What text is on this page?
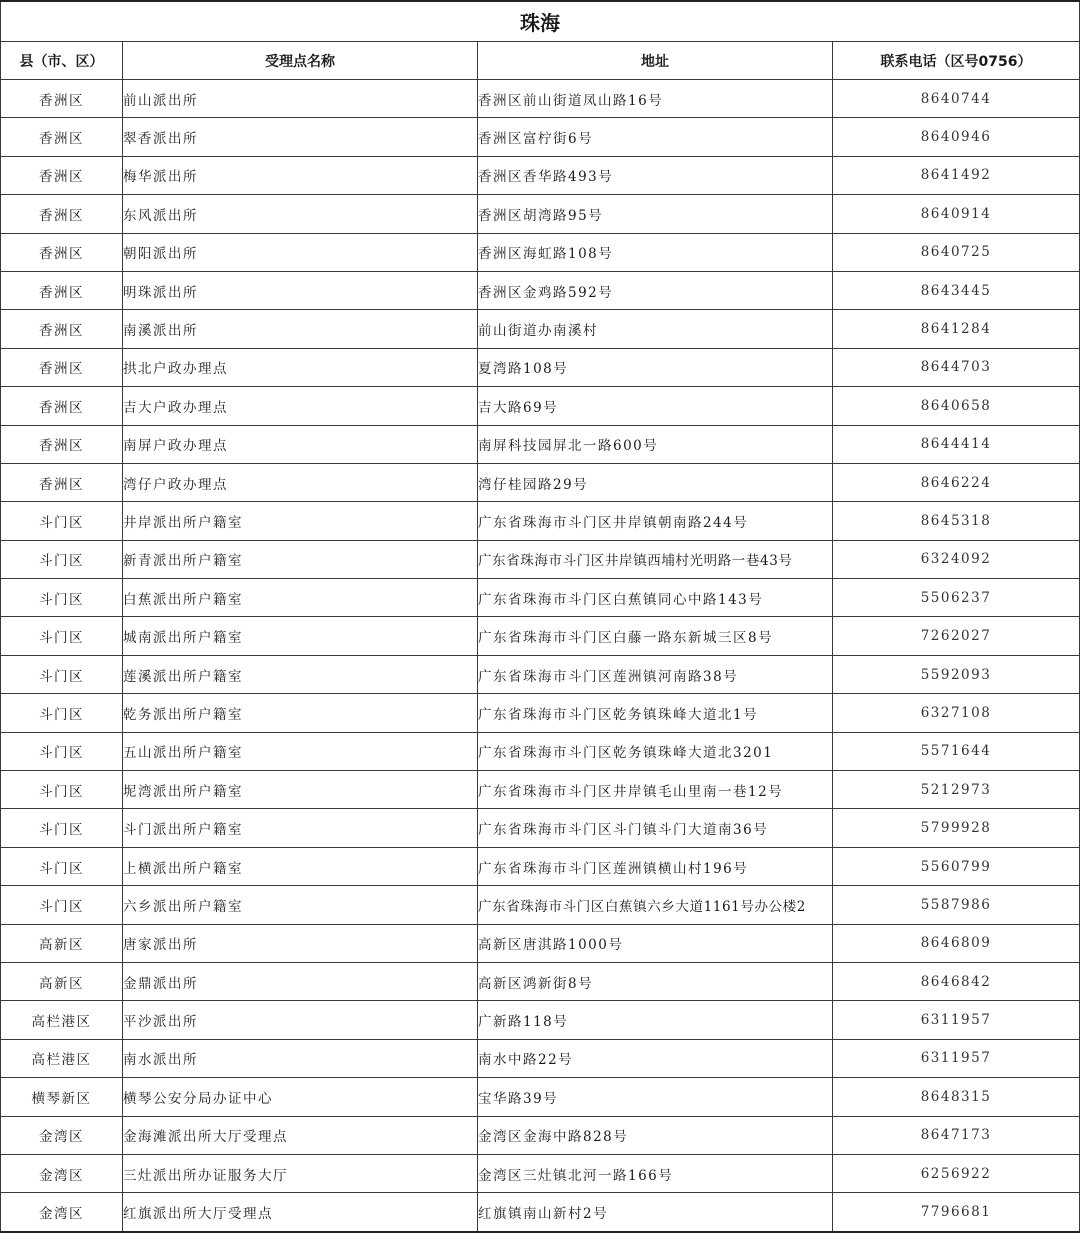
珠海			
县（市、区）	受理点名称	地址	联系电话（区号0756）
香洲区	前山派出所	香洲区前山街道凤山路16号	8640744
香洲区	翠香派出所	香洲区富柠街6号	8640946
香洲区	梅华派出所	香洲区香华路493号	8641492
香洲区	东风派出所	香洲区胡湾路95号	8640914
香洲区	朝阳派出所	香洲区海虹路108号	8640725
香洲区	明珠派出所	香洲区金鸡路592号	8643445
香洲区	南溪派出所	前山街道办南溪村	8641284
香洲区	拱北户政办理点	夏湾路108号	8644703
香洲区	吉大户政办理点	吉大路69号	8640658
香洲区	南屏户政办理点	南屏科技园屏北一路600号	8644414
香洲区	湾仔户政办理点	湾仔桂园路29号	8646224
斗门区	井岸派出所户籍室	广东省珠海市斗门区井岸镇朝南路244号	8645318
斗门区	新青派出所户籍室	广东省珠海市斗门区井岸镇西埔村光明路一巷43号	6324092
斗门区	白蕉派出所户籍室	广东省珠海市斗门区白蕉镇同心中路143号	5506237
斗门区	城南派出所户籍室	广东省珠海市斗门区白藤一路东新城三区8号	7262027
斗门区	莲溪派出所户籍室	广东省珠海市斗门区莲洲镇河南路38号	5592093
斗门区	乾务派出所户籍室	广东省珠海市斗门区乾务镇珠峰大道北1号	6327108
斗门区	五山派出所户籍室	广东省珠海市斗门区乾务镇珠峰大道北3201	5571644
斗门区	坭湾派出所户籍室	广东省珠海市斗门区井岸镇毛山里南一巷12号	5212973
斗门区	斗门派出所户籍室	广东省珠海市斗门区斗门镇斗门大道南36号	5799928
斗门区	上横派出所户籍室	广东省珠海市斗门区莲洲镇横山村196号	5560799
斗门区	六乡派出所户籍室	广东省珠海市斗门区白蕉镇六乡大道1161号办公楼2	5587986
高新区	唐家派出所	高新区唐淇路1000号	8646809
高新区	金鼎派出所	高新区鸿新街8号	8646842
高栏港区	平沙派出所	广新路118号	6311957
高栏港区	南水派出所	南水中路22号	6311957
横琴新区	横琴公安分局办证中心	宝华路39号	8648315
金湾区	金海滩派出所大厅受理点	金湾区金海中路828号	8647173
金湾区	三灶派出所办证服务大厅	金湾区三灶镇北河一路166号	6256922
金湾区	红旗派出所大厅受理点	红旗镇南山新村2号	7796681
